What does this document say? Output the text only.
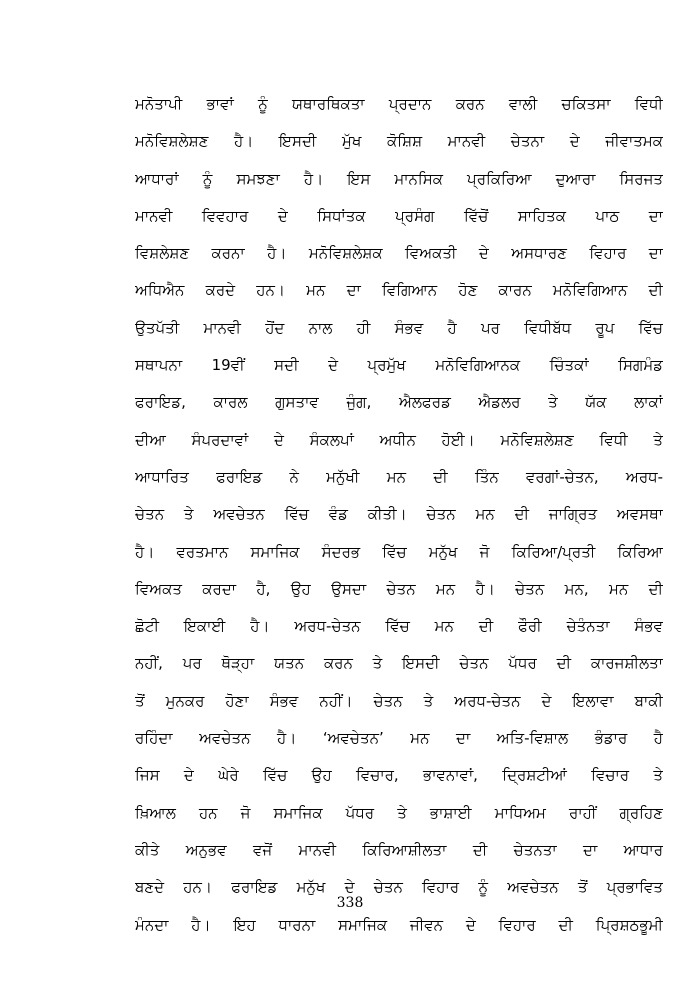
ਮਨੋਤਾਪੀ ਭਾਵਾਂ ਨੂੰ ਯਥਾਰਥਿਕਤਾ ਪ੍ਰਦਾਨ ਕਰਨ ਵਾਲੀ ਚਕਿਤਸਾ ਵਿਧੀ
ਮਨੋਵਿਸ਼ਲੇਸ਼ਣ ਹੈ। ਇਸਦੀ ਮੁੱਖ ਕੋਸ਼ਿਸ਼ ਮਾਨਵੀ ਚੇਤਨਾ ਦੇ ਜੀਵਾਤਮਕ
ਆਧਾਰਾਂ ਨੂੰ ਸਮਝਣਾ ਹੈ। ਇਸ ਮਾਨਸਿਕ ਪ੍ਰਕਿਰਿਆ ਦੁਆਰਾ ਸਿਰਜਤ
ਮਾਨਵੀ ਵਿਵਹਾਰ ਦੇ ਸਿਧਾਂਤਕ ਪ੍ਰਸੰਗ ਵਿੱਚੋਂ ਸਾਹਿਤਕ ਪਾਠ ਦਾ
ਵਿਸ਼ਲੇਸ਼ਣ ਕਰਨਾ ਹੈ। ਮਨੋਵਿਸ਼ਲੇਸ਼ਕ ਵਿਅਕਤੀ ਦੇ ਅਸਧਾਰਣ ਵਿਹਾਰ ਦਾ
ਅਧਿਐਨ ਕਰਦੇ ਹਨ। ਮਨ ਦਾ ਵਿਗਿਆਨ ਹੋਣ ਕਾਰਨ ਮਨੋਵਿਗਿਆਨ ਦੀ
ਉਤਪੱਤੀ ਮਾਨਵੀ ਹੋਂਦ ਨਾਲ ਹੀ ਸੰਭਵ ਹੈ ਪਰ ਵਿਧੀਬੱਧ ਰੂਪ ਵਿੱਚ
ਸਥਾਪਨਾ 19ਵੀਂ ਸਦੀ ਦੇ ਪ੍ਰਮੁੱਖ ਮਨੋਵਿਗਿਆਨਕ ਚਿੰਤਕਾਂ ਸਿਗਮੰਡ
ਫਰਾਇਡ, ਕਾਰਲ ਗੁਸਤਾਵ ਜੁੰਗ, ਐਲਫਰਡ ਐਡਲਰ ਤੇ ਯੱਕ ਲਾਕਾਂ
ਦੀਆ ਸੰਪਰਦਾਵਾਂ ਦੇ ਸੰਕਲਪਾਂ ਅਧੀਨ ਹੋਈ। ਮਨੋਵਿਸ਼ਲੇਸ਼ਣ ਵਿਧੀ ਤੇ
ਆਧਾਰਿਤ ਫਰਾਇਡ ਨੇ ਮਨੁੱਖੀ ਮਨ ਦੀ ਤਿੰਨ ਵਰਗਾਂ-ਚੇਤਨ, ਅਰਧ-
ਚੇਤਨ ਤੇ ਅਵਚੇਤਨ ਵਿੱਚ ਵੰਡ ਕੀਤੀ। ਚੇਤਨ ਮਨ ਦੀ ਜਾਗ੍ਰਿਤ ਅਵਸਥਾ
ਹੈ। ਵਰਤਮਾਨ ਸਮਾਜਿਕ ਸੰਦਰਭ ਵਿੱਚ ਮਨੁੱਖ ਜੋ ਕਿਰਿਆ/ਪ੍ਰਤੀ ਕਿਰਿਆ
ਵਿਅਕਤ ਕਰਦਾ ਹੈ, ਉਹ ਉਸਦਾ ਚੇਤਨ ਮਨ ਹੈ। ਚੇਤਨ ਮਨ, ਮਨ ਦੀ
ਛੋਟੀ ਇਕਾਈ ਹੈ। ਅਰਧ-ਚੇਤਨ ਵਿੱਚ ਮਨ ਦੀ ਫੌਰੀ ਚੇਤੰਨਤਾ ਸੰਭਵ
ਨਹੀਂ, ਪਰ ਥੋੜ੍ਹਾ ਯਤਨ ਕਰਨ ਤੇ ਇਸਦੀ ਚੇਤਨ ਪੱਧਰ ਦੀ ਕਾਰਜਸ਼ੀਲਤਾ
ਤੋਂ ਮੁਨਕਰ ਹੋਣਾ ਸੰਭਵ ਨਹੀਂ। ਚੇਤਨ ਤੇ ਅਰਧ-ਚੇਤਨ ਦੇ ਇਲਾਵਾ ਬਾਕੀ
ਰਹਿੰਦਾ ਅਵਚੇਤਨ ਹੈ। ‘ਅਵਚੇਤਨ’ ਮਨ ਦਾ ਅਤਿ-ਵਿਸ਼ਾਲ ਭੰਡਾਰ ਹੈ
ਜਿਸ ਦੇ ਘੇਰੇ ਵਿੱਚ ਉਹ ਵਿਚਾਰ, ਭਾਵਨਾਵਾਂ, ਦ੍ਰਿਸ਼ਟੀਆਂ ਵਿਚਾਰ ਤੇ
ਖ਼ਿਆਲ ਹਨ ਜੋ ਸਮਾਜਿਕ ਪੱਧਰ ਤੇ ਭਾਸ਼ਾਈ ਮਾਧਿਅਮ ਰਾਹੀਂ ਗ੍ਰਹਿਣ
ਕੀਤੇ ਅਨੁਭਵ ਵਜੋਂ ਮਾਨਵੀ ਕਿਰਿਆਸ਼ੀਲਤਾ ਦੀ ਚੇਤਨਤਾ ਦਾ ਆਧਾਰ
ਬਣਦੇ ਹਨ। ਫਰਾਇਡ ਮਨੁੱਖ ਦੇ ਚੇਤਨ ਵਿਹਾਰ ਨੂੰ ਅਵਚੇਤਨ ਤੋਂ ਪ੍ਰਭਾਵਿਤ
ਮੰਨਦਾ ਹੈ। ਇਹ ਧਾਰਨਾ ਸਮਾਜਿਕ ਜੀਵਨ ਦੇ ਵਿਹਾਰ ਦੀ ਪ੍ਰਿਸ਼ਠਭੂਮੀ
338
